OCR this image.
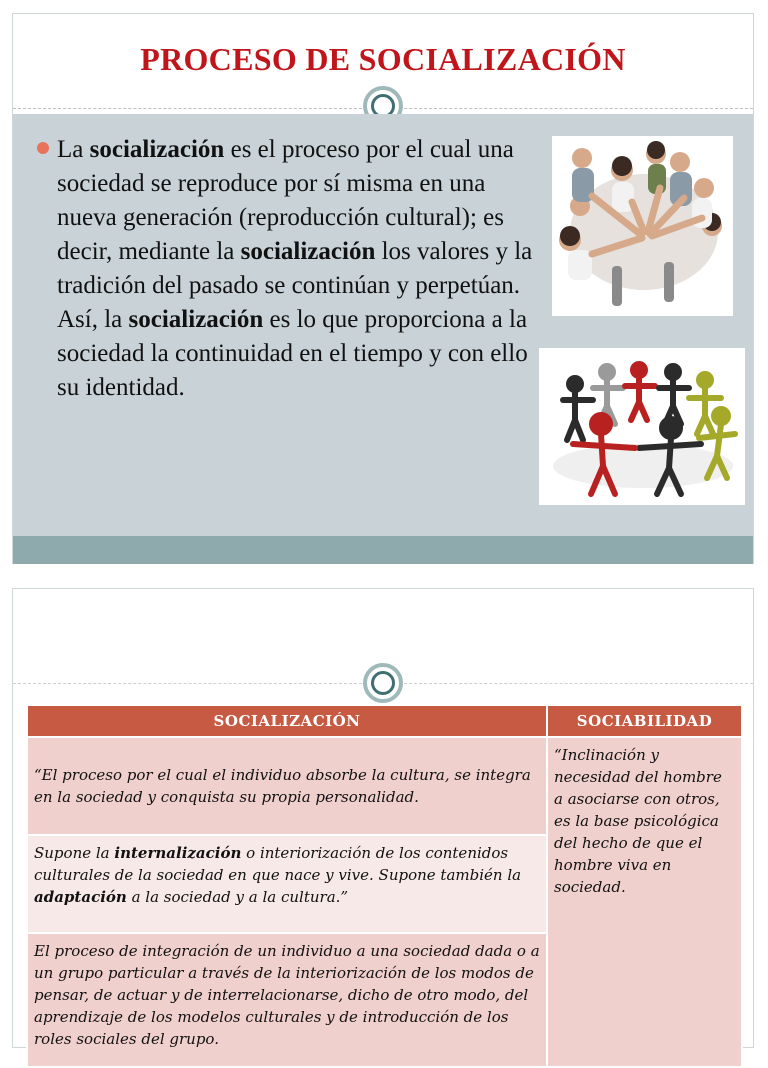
PROCESO DE SOCIALIZACIÓN

La socialización es el proceso por el cual una sociedad se reproduce por sí misma en una nueva generación (reproducción cultural); es decir, mediante la socialización los valores y la tradición del pasado se continúan y perpetúan. Así, la socialización es lo que proporciona a la sociedad la continuidad en el tiempo y con ello su identidad.

SOCIALIZACIÓN	SOCIABILIDAD
“El proceso por el cual el individuo absorbe la cultura, se integra en la sociedad y conquista su propia personalidad.	“Inclinación y necesidad del hombre a asociarse con otros, es la base psicológica del hecho de que el hombre viva en sociedad.
Supone la internalización o interiorización de los contenidos culturales de la sociedad en que nace y vive. Supone también la adaptación a la sociedad y a la cultura.”	
El proceso de integración de un individuo a una sociedad dada o a un grupo particular a través de la interiorización de los modos de pensar, de actuar y de interrelacionarse, dicho de otro modo, del aprendizaje de los modelos culturales y de introducción de los roles sociales del grupo.	
